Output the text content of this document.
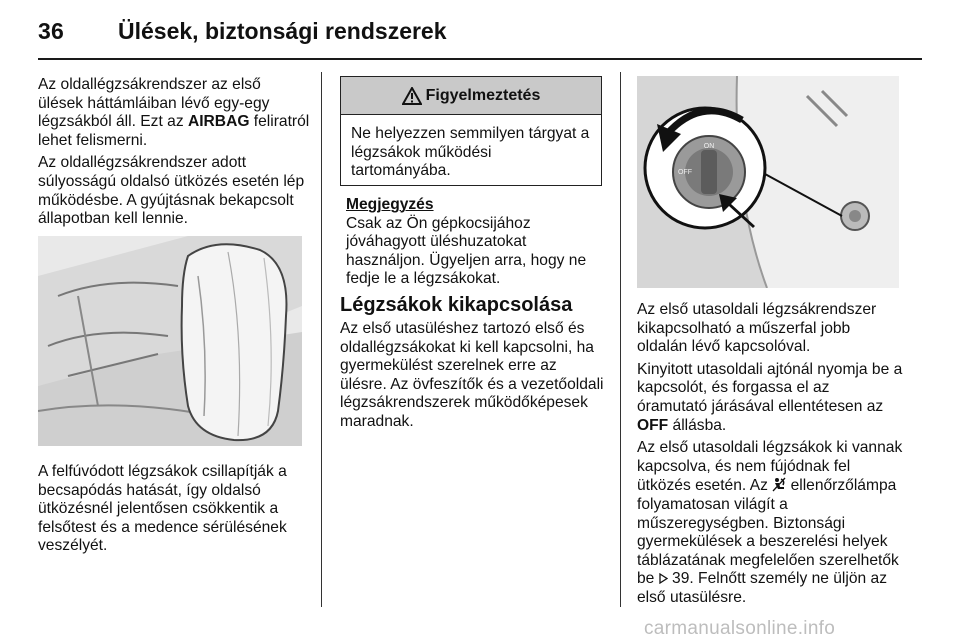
36 Ülések, biztonsági rendszerek

Az oldallégzsákrendszer az első ülések háttámláiban lévő egy-egy légzsákból áll. Ezt az AIRBAG feliratról lehet felismerni.

Az oldallégzsákrendszer adott súlyosságú oldalsó ütközés esetén lép működésbe. A gyújtásnak bekapcsolt állapotban kell lennie.

A felfúvódott légzsákok csillapítják a becsapódás hatását, így oldalsó ütközésnél jelentősen csökkentik a felsőtest és a medence sérülésének veszélyét.
Figyelmeztetés
Ne helyezzen semmilyen tárgyat a légzsákok működési tartományába.
Megjegyzés
Csak az Ön gépkocsijához jóváhagyott üléshuzatokat használjon. Ügyeljen arra, hogy ne fedje le a légzsákokat.
Légzsákok kikapcsolása
Az első utasüléshez tartozó első és oldallégzsákokat ki kell kapcsolni, ha gyermekülést szerelnek erre az ülésre. Az övfeszítők és a vezetőoldali légzsákrendszerek működőképesek maradnak.
ON
OFF

Az első utasoldali légzsákrendszer kikapcsolható a műszerfal jobb oldalán lévő kapcsolóval.

Kinyitott utasoldali ajtónál nyomja be a kapcsolót, és forgassa el az óramutató járásával ellentétesen az OFF állásba.

Az első utasoldali légzsákok ki vannak kapcsolva, és nem fújódnak fel ütközés esetén. Az  ellenőrzőlámpa folyamatosan világít a műszeregységben. Biztonsági gyermekülések a beszerelési helyek táblázatának megfelelően szerelhetők be  39. Felnőtt személy ne üljön az első utasülésre.

carmanualsonline.info
